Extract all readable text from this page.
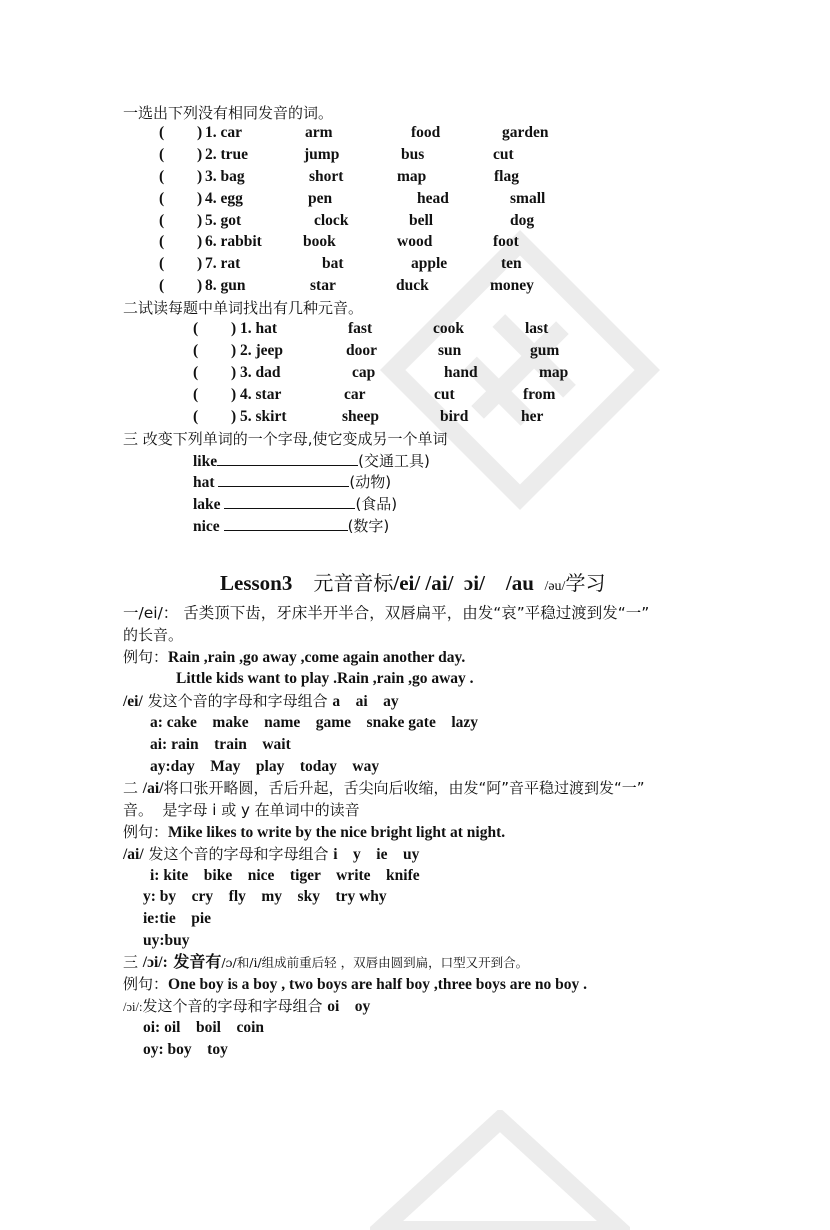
一选出下列没有相同发音的词。
( ) 1. car	arm	food	garden
( ) 2. true	jump	bus	cut
( ) 3. bag	short	map	flag
( ) 4. egg	pen	head	small
( ) 5. got	clock	bell	dog
( ) 6. rabbit	book	wood	foot
( ) 7. rat	bat	apple	ten
( ) 8. gun	star	duck	money
二试读每题中单词找出有几种元音。
( ) 1. hat	fast	cook	last
( ) 2. jeep	door	sun	gum
( ) 3. dad	cap	hand	map
( ) 4. star	car	cut	from
( ) 5. skirt	sheep	bird	her
三 改变下列单词的一个字母,使它变成另一个单词
like	(交通工具)
hat	(动物)
lake	(食品)
nice	(数字)
Lesson3 元音音标/ei/ /ai/  ɔi/    /au  /əu/学习
一/ei/： 舌类顶下齿，牙床半开半合，双唇扁平，由发“哀”平稳过渡到发“一”
的长音。
例句：Rain ,rain ,go away ,come again another day.
Little kids want to play .Rain ,rain ,go away .
/ei/ 发这个音的字母和字母组合 a    ai    ay
a: cake    make    name    game    snake gate    lazy
ai: rain    train    wait
ay:day    May    play    today    way
二 /ai/将口张开略圆，舌后升起，舌尖向后收缩，由发“阿”音平稳过渡到发“一”
音。  是字母 i 或 y 在单词中的读音
例句：Mike likes to write by the nice bright light at night.
/ai/ 发这个音的字母和字母组合 i    y    ie    uy
i: kite    bike    nice    tiger    write    knife
y: by    cry    fly    my    sky    try why
ie:tie    pie
uy:buy
三 /ɔi/: 发音有/ɔ/和/i/组成前重后轻 ，双唇由圆到扁，口型又开到合。
例句：One boy is a boy , two boys are half boy ,three boys are no boy .
/ɔi/:发这个音的字母和字母组合 oi    oy
oi: oil    boil    coin
oy: boy    toy
